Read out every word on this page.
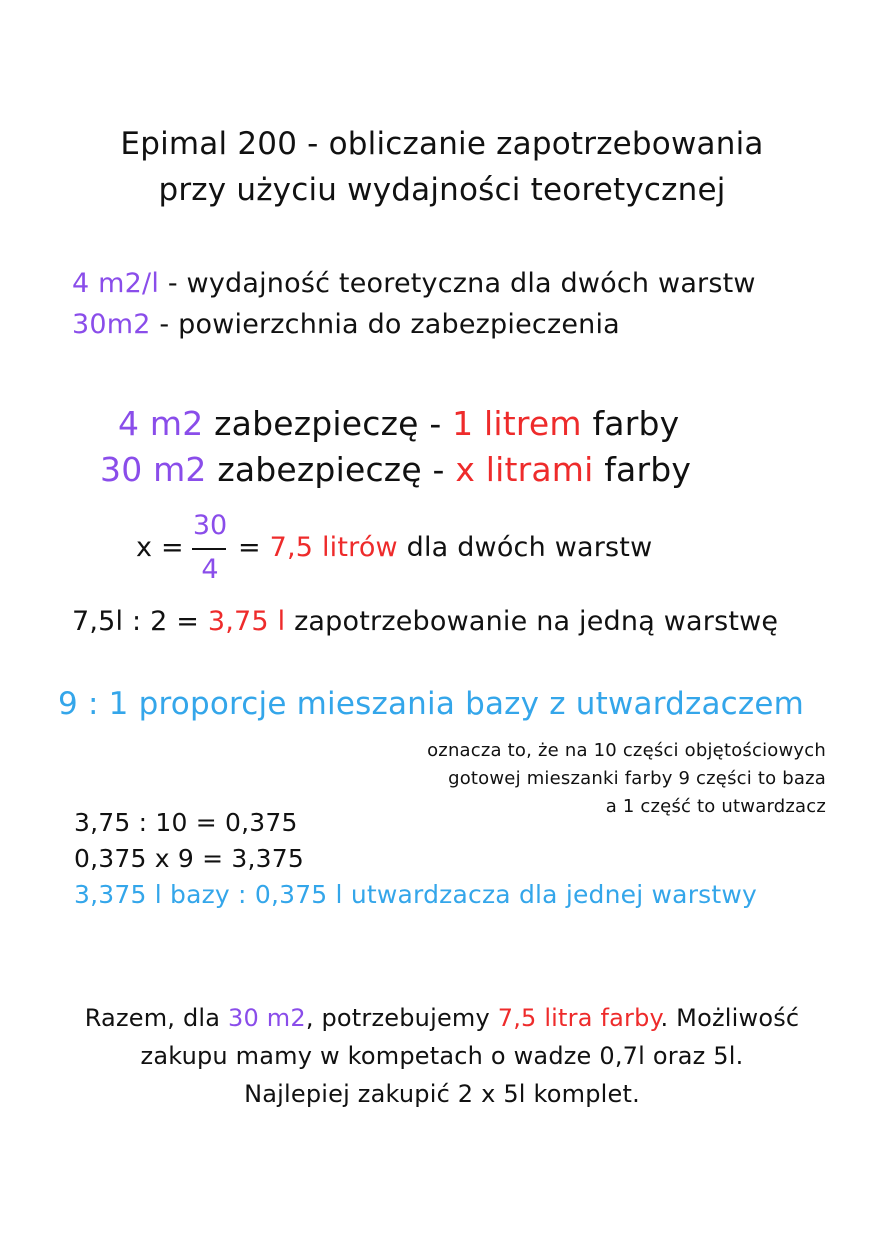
Epimal 200 - obliczanie zapotrzebowania
przy użyciu wydajności teoretycznej
4 m2/l - wydajność teoretyczna dla dwóch warstw
30m2 - powierzchnia do zabezpieczenia
4 m2 zabezpieczę - 1 litrem farby
30 m2 zabezpieczę - x litrami farby
x =
30
4
= 7,5 litrów dla dwóch warstw
7,5l : 2 = 3,75 l zapotrzebowanie na jedną warstwę
9 : 1 proporcje mieszania bazy z utwardzaczem
oznacza to, że na 10 części objętościowych
gotowej mieszanki farby 9 części to baza
a 1 część to utwardzacz
3,75 : 10 = 0,375
0,375 x 9 = 3,375
3,375 l bazy : 0,375 l utwardzacza dla jednej warstwy
Razem, dla 30 m2, potrzebujemy 7,5 litra farby. Możliwość
zakupu mamy w kompetach o wadze 0,7l oraz 5l.
Najlepiej zakupić 2 x 5l komplet.
